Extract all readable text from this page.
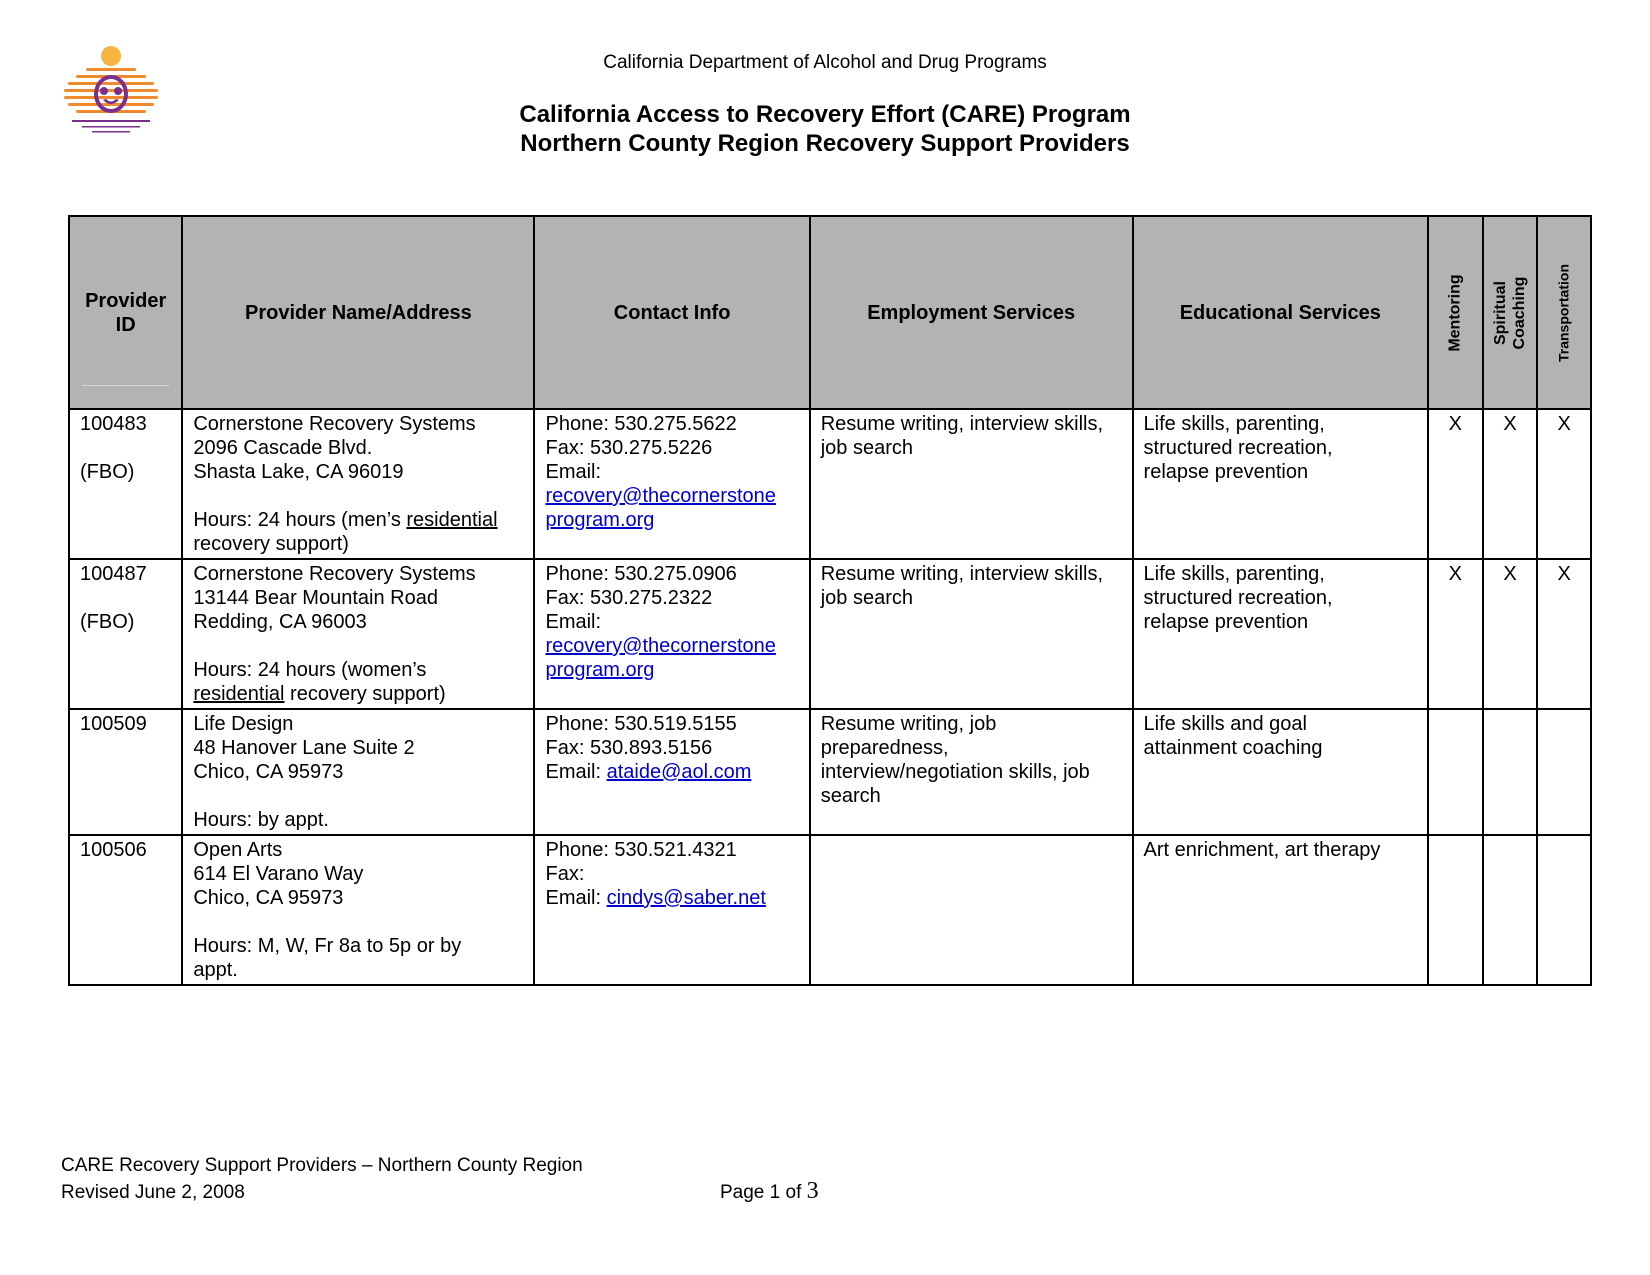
California Department of Alcohol and Drug Programs
California Access to Recovery Effort (CARE) Program
Northern County Region Recovery Support Providers
Provider ID	Provider Name/Address	Contact Info	Employment Services	Educational Services	Mentoring	Spiritual Coaching	Transportation

100483
(FBO)	Cornerstone Recovery Systems
2096 Cascade Blvd.
Shasta Lake, CA 96019
Hours: 24 hours (men’s residential
recovery support)	Phone: 530.275.5622
Fax: 530.275.5226
Email:
recovery@thecornerstone
program.org	Resume writing, interview skills,
job search	Life skills, parenting,
structured recreation,
relapse prevention	X	X	X

100487
(FBO)	Cornerstone Recovery Systems
13144 Bear Mountain Road
Redding, CA 96003
Hours: 24 hours (women’s
residential recovery support)	Phone: 530.275.0906
Fax: 530.275.2322
Email:
recovery@thecornerstone
program.org	Resume writing, interview skills,
job search	Life skills, parenting,
structured recreation,
relapse prevention	X	X	X

100509	Life Design
48 Hanover Lane Suite 2
Chico, CA 95973
Hours: by appt.	Phone: 530.519.5155
Fax: 530.893.5156
Email: ataide@aol.com	Resume writing, job
preparedness,
interview/negotiation skills, job
search	Life skills and goal
attainment coaching			

100506	Open Arts
614 El Varano Way
Chico, CA 95973
Hours: M, W, Fr 8a to 5p or by
appt.	Phone: 530.521.4321
Fax:
Email: cindys@saber.net		Art enrichment, art therapy			

CARE Recovery Support Providers – Northern County Region
Revised June 2, 2008	Page 1 of 3
